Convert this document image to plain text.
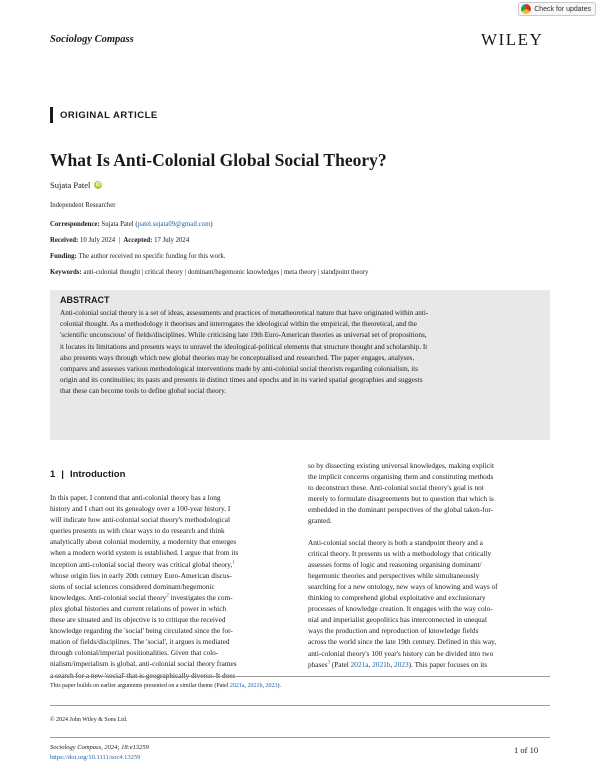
Check for updates
Sociology Compass	WILEY
ORIGINAL ARTICLE
What Is Anti-Colonial Global Social Theory?
Sujata Patel	iD
Independent Researcher
Correspondence: Sujata Patel (patel.sujata09@gmail.com)
Received: 10 July 2024 | Accepted: 17 July 2024
Funding: The author received no specific funding for this work.
Keywords: anti-colonial thought | critical theory | dominant/hegemonic knowledges | meta theory | standpoint theory
ABSTRACT
Anti-colonial social theory is a set of ideas, assessments and practices of metatheoretical nature that have originated within anti-
colonial thought. As a methodology it theorises and interrogates the ideological within the empirical, the theoretical, and the
'scientific unconscious' of fields/disciplines. While criticising late 19th Euro-American theories as universal set of propositions,
it locates its limitations and presents ways to unravel the ideological-political elements that structure thought and scholarship. It
also presents ways through which new global theories may be conceptualised and researched. The paper engages, analyses,
compares and assesses various methodological interventions made by anti-colonial social theorists regarding colonialism, its
origin and its continuities; its pasts and presents in distinct times and epochs and in its varied spatial geographies and suggests
that these can become tools to define global social theory.
1 | Introduction
In this paper, I contend that anti-colonial theory has a long
history and I chart out its genealogy over a 100-year history. I
will indicate how anti-colonial social theory's methodological
queries presents us with clear ways to do research and think
analytically about colonial modernity, a modernity that emerges
when a modern world system is established. I argue that from its
inception anti-colonial social theory was critical global theory,$^1$
whose origin lies in early 20th century Euro-American discus-
sions of social sciences considered dominant/hegemonic
knowledges. Anti-colonial social theory$^2$ investigates the com-
plex global histories and current relations of power in which
these are situated and its objective is to critique the received
knowledge regarding the 'social' being circulated since the for-
mation of fields/disciplines. The 'social', it argues is mediated
through colonial/imperial positionalities. Given that colo-
nialism/imperialism is global, anti-colonial social theory frames
a search for a new 'social' that is geographically diverse. It does

so by dissecting existing universal knowledges, making explicit
the implicit concerns organising them and constituting methods
to deconstruct these. Anti-colonial social theory's goal is not
merely to formulate disagreements but to question that which is
embedded in the dominant perspectives of the global taken-for-
granted.

Anti-colonial social theory is both a standpoint theory and a
critical theory. It presents us with a methodology that critically
assesses forms of logic and reasoning organising dominant/
hegemonic theories and perspectives while simultaneously
searching for a new ontology, new ways of knowing and ways of
thinking to comprehend global exploitative and exclusionary
processes of knowledge creation. It engages with the way colo-
nial and imperialist geopolitics has interconnected in unequal
ways the production and reproduction of knowledge fields
across the world since the late 19th century. Defined in this way,
anti-colonial theory's 100 year's history can be divided into two
phases$^3$ (Patel 2021a, 2021b, 2023). This paper focuses on its

This paper builds on earlier arguments presented on a similar theme (Patel 2021a, 2021b, 2023).
© 2024 John Wiley & Sons Ltd.
Sociology Compass, 2024; 18:e13259
https://doi.org/10.1111/soc4.13259
1 of 10
